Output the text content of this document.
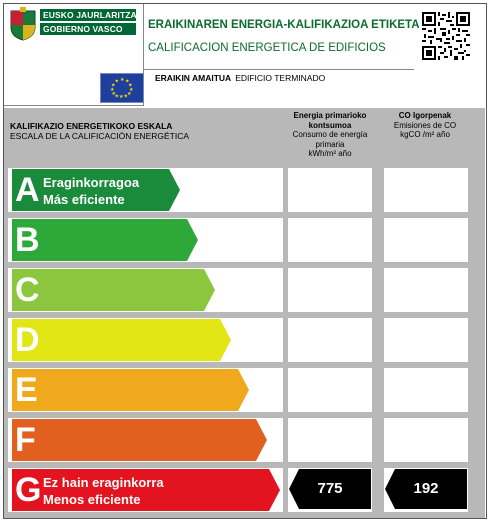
EUSKO JAURLARITZA
GOBIERNO VASCO
★ ★
★
★
★
★
★
★
★
★
★
★
ERAIKINAREN ENERGIA-KALIFIKAZIOA ETIKETA
CALIFICACION ENERGETICA DE EDIFICIOS
ERAIKIN AMAITUA EDIFICIO TERMINADO
KALIFIKAZIO ENERGETIKOKO ESKALA
ESCALA DE LA CALIFICACIÓN ENERGÉTICA
Energia primarioko
kontsumoa
Consumo de energía
primaria
kWh/m² año
CO Igorpenak
Emisiones de CO
kgCO /m² año
A Eraginkorragoa
Más eficiente
B
C
D
E
F
G Ez hain eraginkorra
Menos eficiente
775	192
